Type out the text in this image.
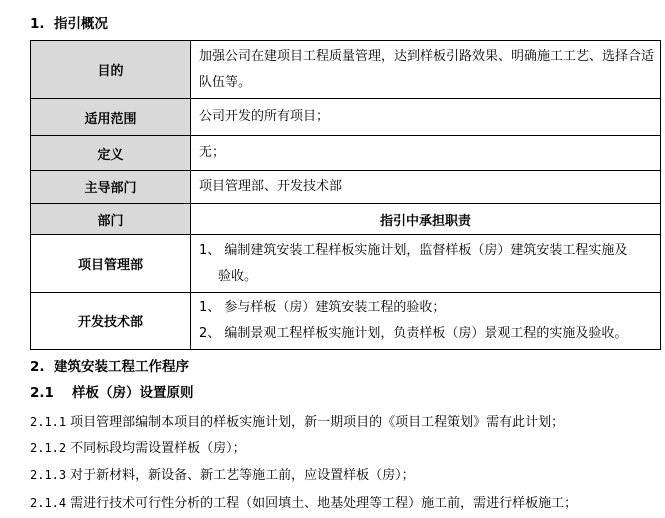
1. 指引概况
目的	加强公司在建项目工程质量管理，达到样板引路效果、明确施工工艺、选择合适队伍等。
适用范围	公司开发的所有项目；
定义	无；
主导部门	项目管理部、开发技术部
部门	指引中承担职责
项目管理部	1、 编制建筑安装工程样板实施计划，监督样板（房）建筑安装工程实施及
验收。

开发技术部	1、 参与样板（房）建筑安装工程的验收；
2、 编制景观工程样板实施计划，负责样板（房）景观工程的实施及验收。
2. 建筑安装工程工作程序
2.1 样板（房）设置原则
2.1.1 项目管理部编制本项目的样板实施计划，新一期项目的《项目工程策划》需有此计划；
2.1.2 不同标段均需设置样板（房）；
2.1.3 对于新材料，新设备、新工艺等施工前，应设置样板（房）；
2.1.4 需进行技术可行性分析的工程（如回填土、地基处理等工程）施工前，需进行样板施工；
